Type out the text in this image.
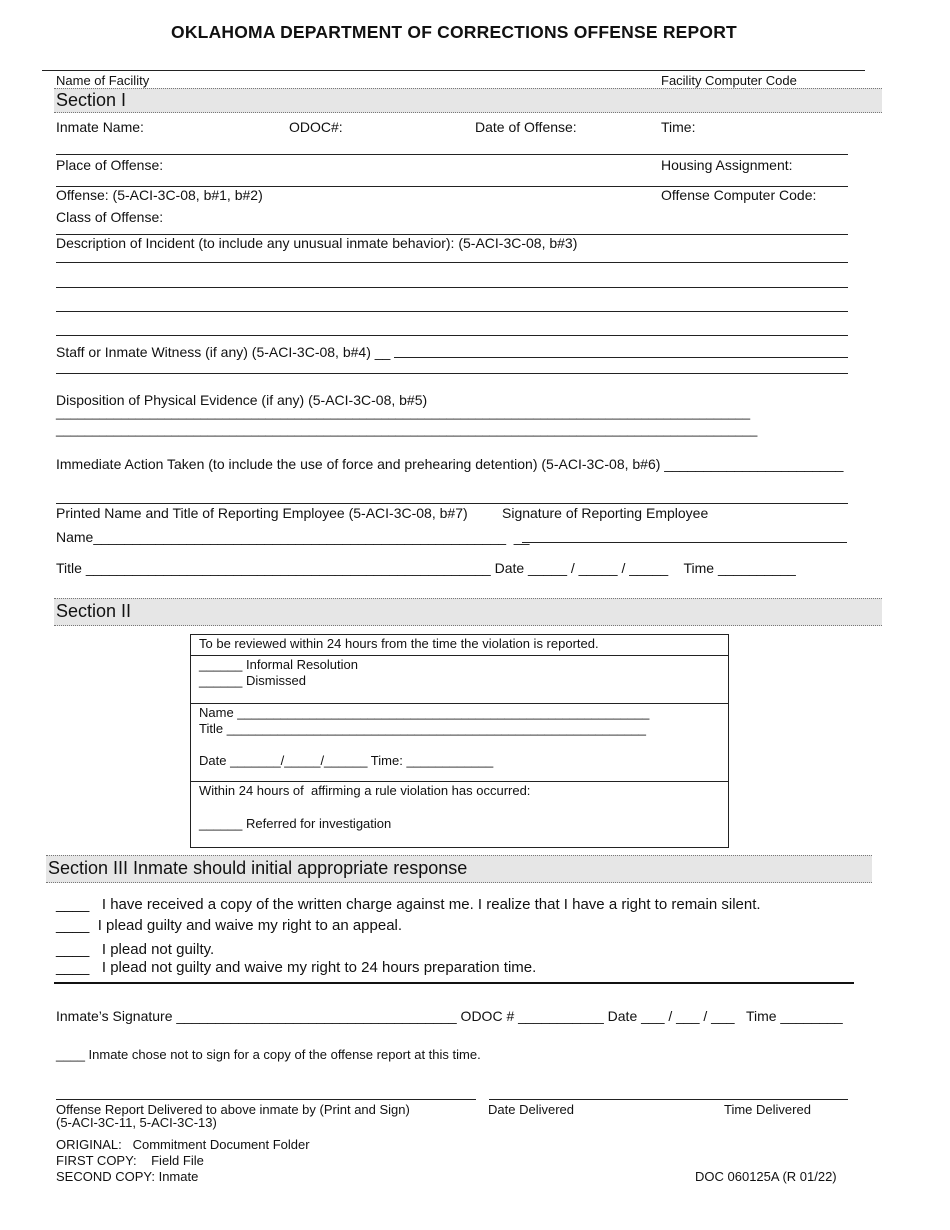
OKLAHOMA DEPARTMENT OF CORRECTIONS OFFENSE REPORT
Name of Facility	Facility Computer Code
Section I
Inmate Name:	ODOC#:	Date of Offense:	Time:
Place of Offense:	Housing Assignment:
Offense: (5-ACI-3C-08, b#1, b#2)	Offense Computer Code:
Class of Offense:
Description of Incident (to include any unusual inmate behavior): (5-ACI-3C-08, b#3)
Staff or Inmate Witness (if any) (5-ACI-3C-08, b#4) __
Disposition of Physical Evidence (if any) (5-ACI-3C-08, b#5)
________________________________________________________________________________________________
_________________________________________________________________________________________________
Immediate Action Taken (to include the use of force and prehearing detention) (5-ACI-3C-08, b#6) _______________________
Printed Name and Title of Reporting Employee (5-ACI-3C-08, b#7) Signature of Reporting Employee
Name_____________________________________________________  __
Title ____________________________________________________ Date _____ / _____ / _____    Time __________
Section II
To be reviewed within 24 hours from the time the violation is reported.
______ Informal Resolution
______ Dismissed
Name _________________________________________________________
Title __________________________________________________________
Date _______/_____/______ Time: ____________
Within 24 hours of  affirming a rule violation has occurred:
______ Referred for investigation
Section III Inmate should initial appropriate response
____   I have received a copy of the written charge against me. I realize that I have a right to remain silent.
____  I plead guilty and waive my right to an appeal.
____   I plead not guilty.
____   I plead not guilty and waive my right to 24 hours preparation time.
Inmate’s Signature ____________________________________ ODOC # ___________ Date ___ / ___ / ___   Time ________
____ Inmate chose not to sign for a copy of the offense report at this time.
Offense Report Delivered to above inmate by (Print and Sign)
(5-ACI-3C-11, 5-ACI-3C-13)
Date Delivered	Time Delivered
ORIGINAL:   Commitment Document Folder
FIRST COPY:    Field File
SECOND COPY: Inmate	DOC 060125A (R 01/22)
